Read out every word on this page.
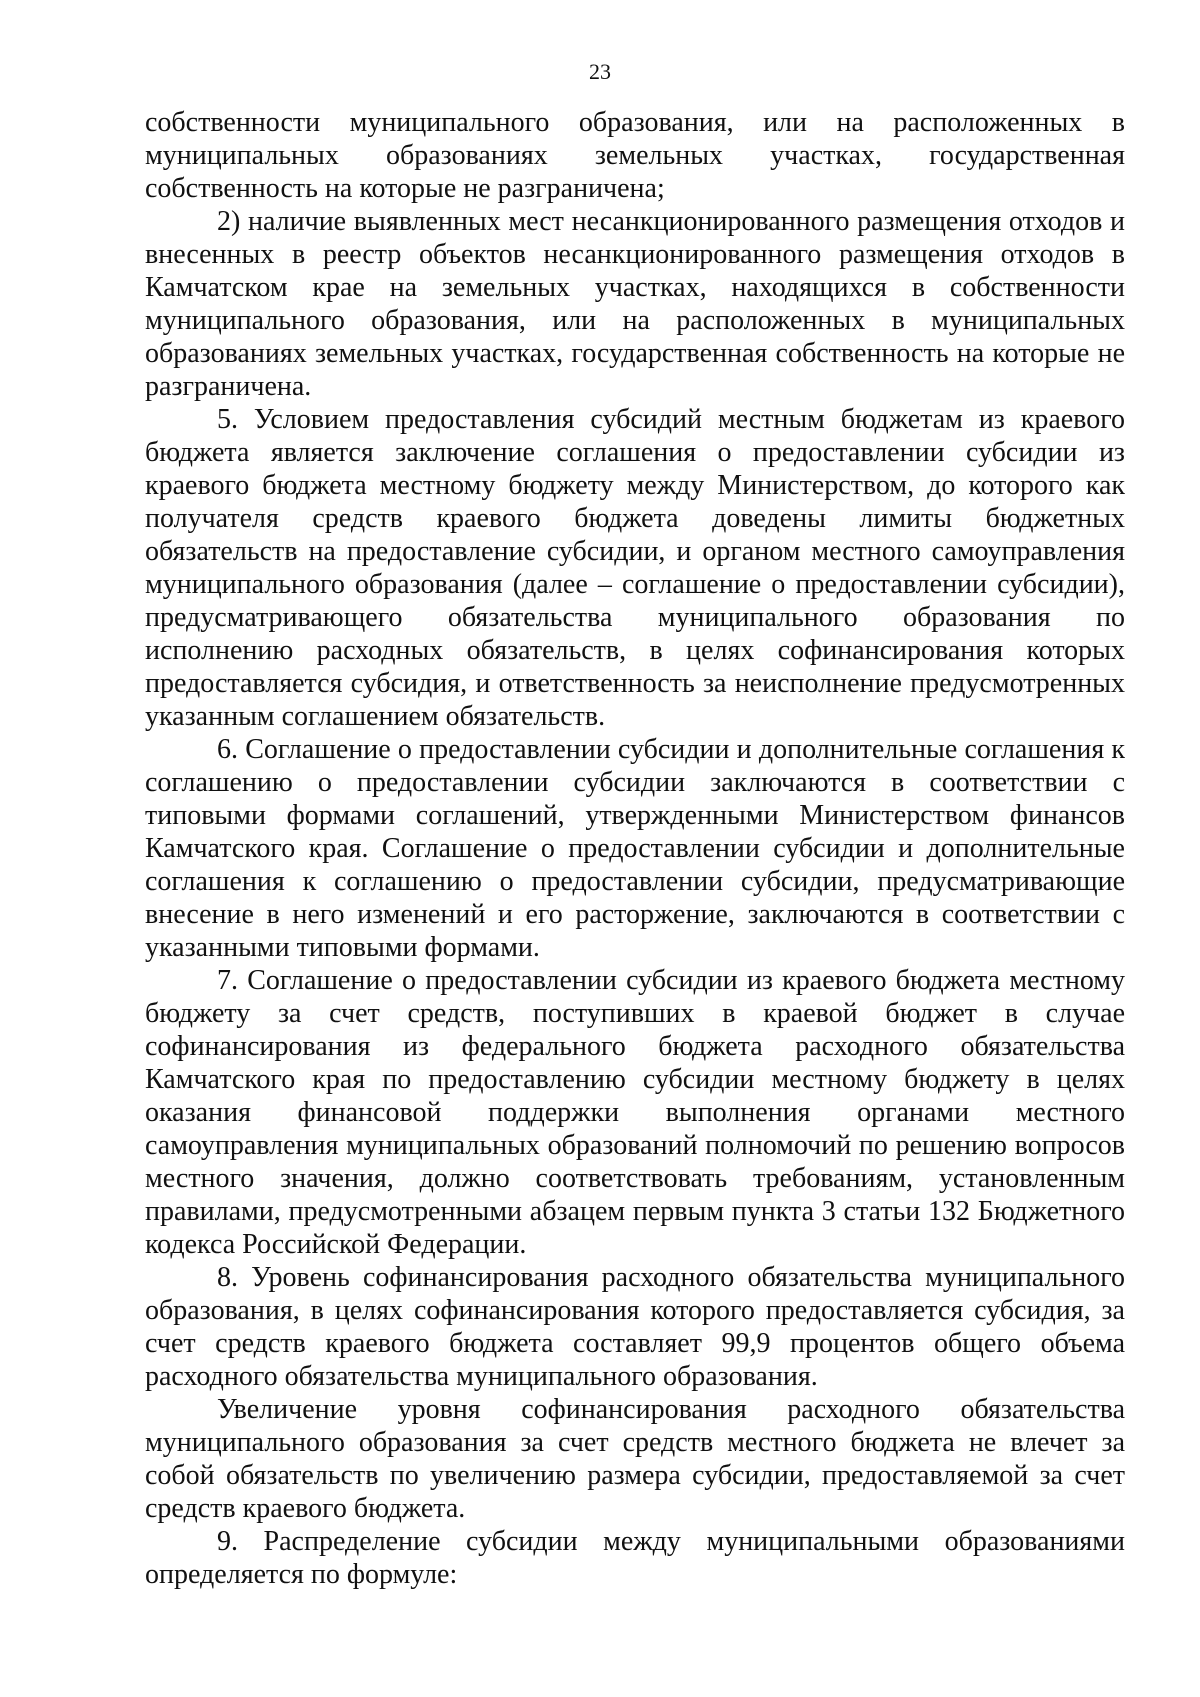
23

собственности муниципального образования, или на расположенных в муниципальных образованиях земельных участках, государственная собственность на которые не разграничена;

2) наличие выявленных мест несанкционированного размещения отходов и внесенных в реестр объектов несанкционированного размещения отходов в Камчатском крае на земельных участках, находящихся в собственности муниципального образования, или на расположенных в муниципальных образованиях земельных участках, государственная собственность на которые не разграничена.

5. Условием предоставления субсидий местным бюджетам из краевого бюджета является заключение соглашения о предоставлении субсидии из краевого бюджета местному бюджету между Министерством, до которого как получателя средств краевого бюджета доведены лимиты бюджетных обязательств на предоставление субсидии, и органом местного самоуправления муниципального образования (далее – соглашение о предоставлении субсидии), предусматривающего обязательства муниципального образования по исполнению расходных обязательств, в целях софинансирования которых предоставляется субсидия, и ответственность за неисполнение предусмотренных указанным соглашением обязательств.

6. Соглашение о предоставлении субсидии и дополнительные соглашения к соглашению о предоставлении субсидии заключаются в соответствии с типовыми формами соглашений, утвержденными Министерством финансов Камчатского края. Соглашение о предоставлении субсидии и дополнительные соглашения к соглашению о предоставлении субсидии, предусматривающие внесение в него изменений и его расторжение, заключаются в соответствии с указанными типовыми формами.

7. Соглашение о предоставлении субсидии из краевого бюджета местному бюджету за счет средств, поступивших в краевой бюджет в случае софинансирования из федерального бюджета расходного обязательства Камчатского края по предоставлению субсидии местному бюджету в целях оказания финансовой поддержки выполнения органами местного самоуправления муниципальных образований полномочий по решению вопросов местного значения, должно соответствовать требованиям, установленным правилами, предусмотренными абзацем первым пункта 3 статьи 132 Бюджетного кодекса Российской Федерации.

8. Уровень софинансирования расходного обязательства муниципального образования, в целях софинансирования которого предоставляется субсидия, за счет средств краевого бюджета составляет 99,9 процентов общего объема расходного обязательства муниципального образования.

Увеличение уровня софинансирования расходного обязательства муниципального образования за счет средств местного бюджета не влечет за собой обязательств по увеличению размера субсидии, предоставляемой за счет средств краевого бюджета.

9. Распределение субсидии между муниципальными образованиями определяется по формуле:
